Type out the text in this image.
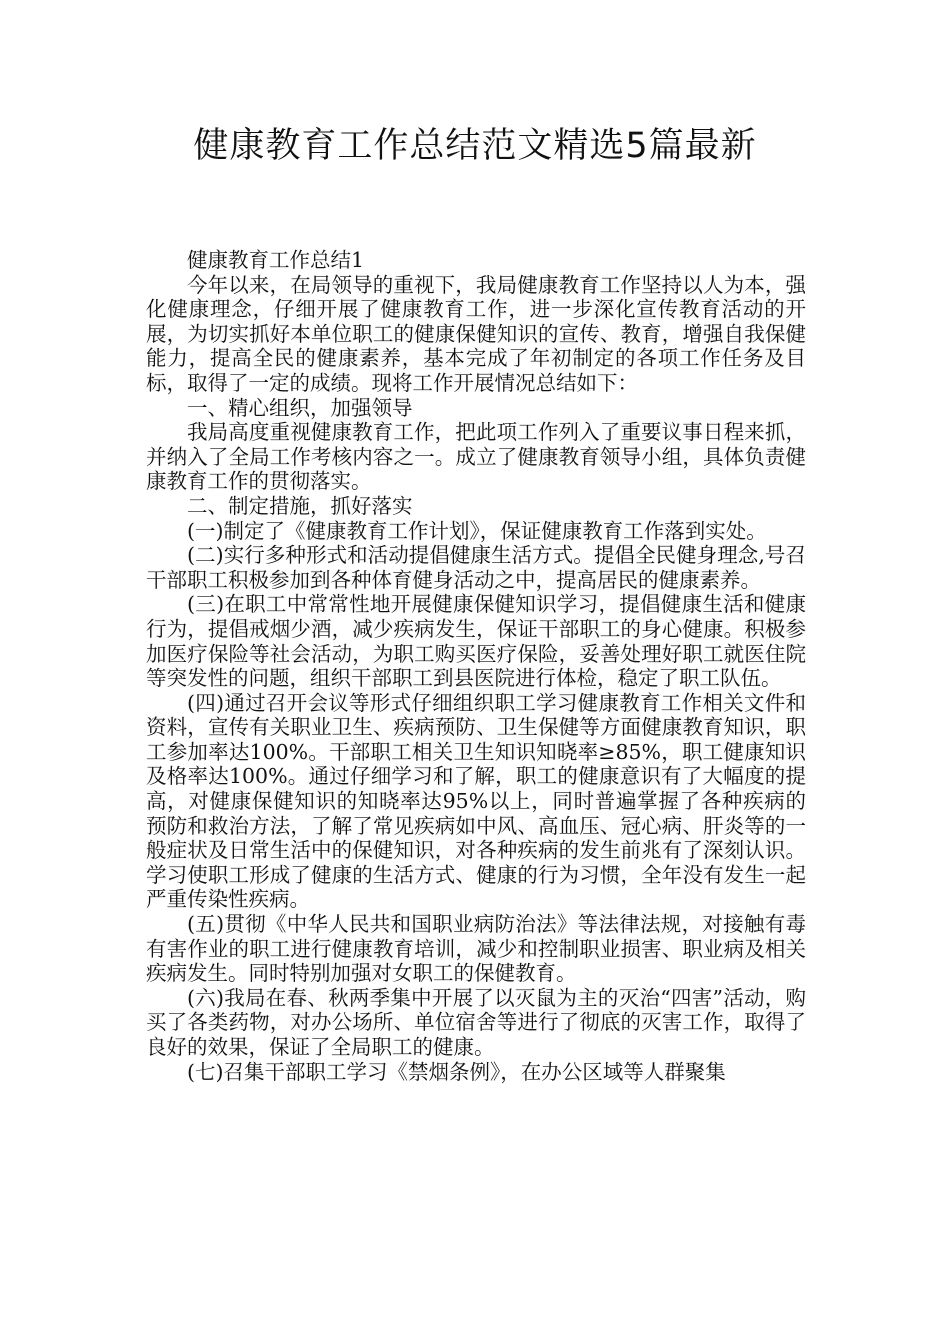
健康教育工作总结范文精选5篇最新

健康教育工作总结1

今年以来，在局领导的重视下，我局健康教育工作坚持以人为本，强化健康理念，仔细开展了健康教育工作，进一步深化宣传教育活动的开展，为切实抓好本单位职工的健康保健知识的宣传、教育，增强自我保健能力，提高全民的健康素养，基本完成了年初制定的各项工作任务及目标，取得了一定的成绩。现将工作开展情况总结如下：

一、精心组织，加强领导

我局高度重视健康教育工作，把此项工作列入了重要议事日程来抓，并纳入了全局工作考核内容之一。成立了健康教育领导小组，具体负责健康教育工作的贯彻落实。

二、制定措施，抓好落实

(一)制定了《健康教育工作计划》，保证健康教育工作落到实处。

(二)实行多种形式和活动提倡健康生活方式。提倡全民健身理念,号召干部职工积极参加到各种体育健身活动之中，提高居民的健康素养。

(三)在职工中常常性地开展健康保健知识学习，提倡健康生活和健康行为，提倡戒烟少酒，减少疾病发生，保证干部职工的身心健康。积极参加医疗保险等社会活动，为职工购买医疗保险，妥善处理好职工就医住院等突发性的问题，组织干部职工到县医院进行体检，稳定了职工队伍。

(四)通过召开会议等形式仔细组织职工学习健康教育工作相关文件和资料，宣传有关职业卫生、疾病预防、卫生保健等方面健康教育知识，职工参加率达100%。干部职工相关卫生知识知晓率≥85%，职工健康知识及格率达100%。通过仔细学习和了解，职工的健康意识有了大幅度的提高，对健康保健知识的知晓率达95%以上，同时普遍掌握了各种疾病的预防和救治方法，了解了常见疾病如中风、高血压、冠心病、肝炎等的一般症状及日常生活中的保健知识，对各种疾病的发生前兆有了深刻认识。学习使职工形成了健康的生活方式、健康的行为习惯，全年没有发生一起严重传染性疾病。

(五)贯彻《中华人民共和国职业病防治法》等法律法规，对接触有毒有害作业的职工进行健康教育培训，减少和控制职业损害、职业病及相关疾病发生。同时特别加强对女职工的保健教育。

(六)我局在春、秋两季集中开展了以灭鼠为主的灭治“四害”活动，购买了各类药物，对办公场所、单位宿舍等进行了彻底的灭害工作，取得了良好的效果，保证了全局职工的健康。

(七)召集干部职工学习《禁烟条例》，在办公区域等人群聚集
